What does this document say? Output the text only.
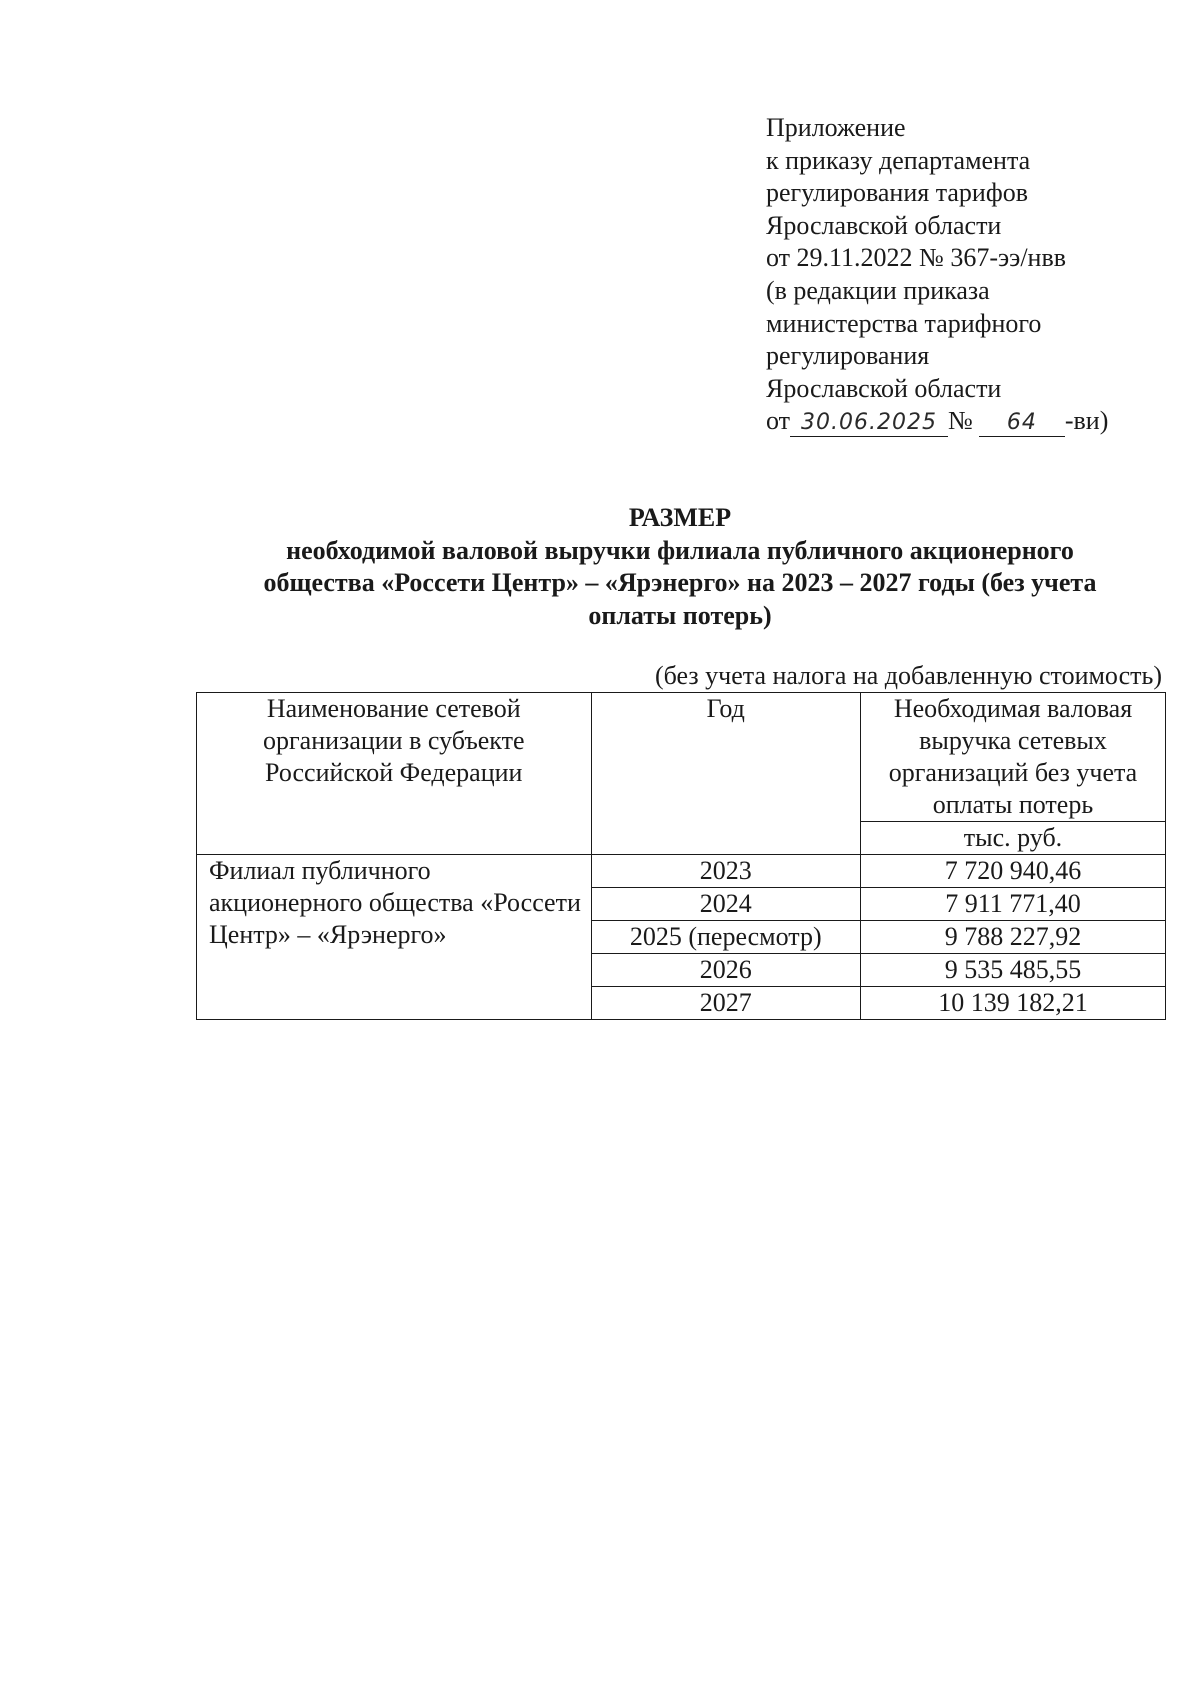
Приложение
к приказу департамента
регулирования тарифов
Ярославской области
от 29.11.2022 № 367-ээ/нвв
(в редакции приказа
министерства тарифного
регулирования
Ярославской области
от 30.06.2025 № 64 -ви)
РАЗМЕР
необходимой валовой выручки филиала публичного акционерного
общества «Россети Центр» – «Ярэнерго» на 2023 – 2027 годы (без учета
оплаты потерь)
(без учета налога на добавленную стоимость)
Наименование сетевой организации в субъекте Российской Федерации	Год	Необходимая валовая выручка сетевых организаций без учета оплаты потерь
		тыс. руб.
Филиал публичного акционерного общества «Россети Центр» – «Ярэнерго»	2023	7 720 940,46
	2024	7 911 771,40
	2025 (пересмотр)	9 788 227,92
	2026	9 535 485,55
	2027	10 139 182,21
